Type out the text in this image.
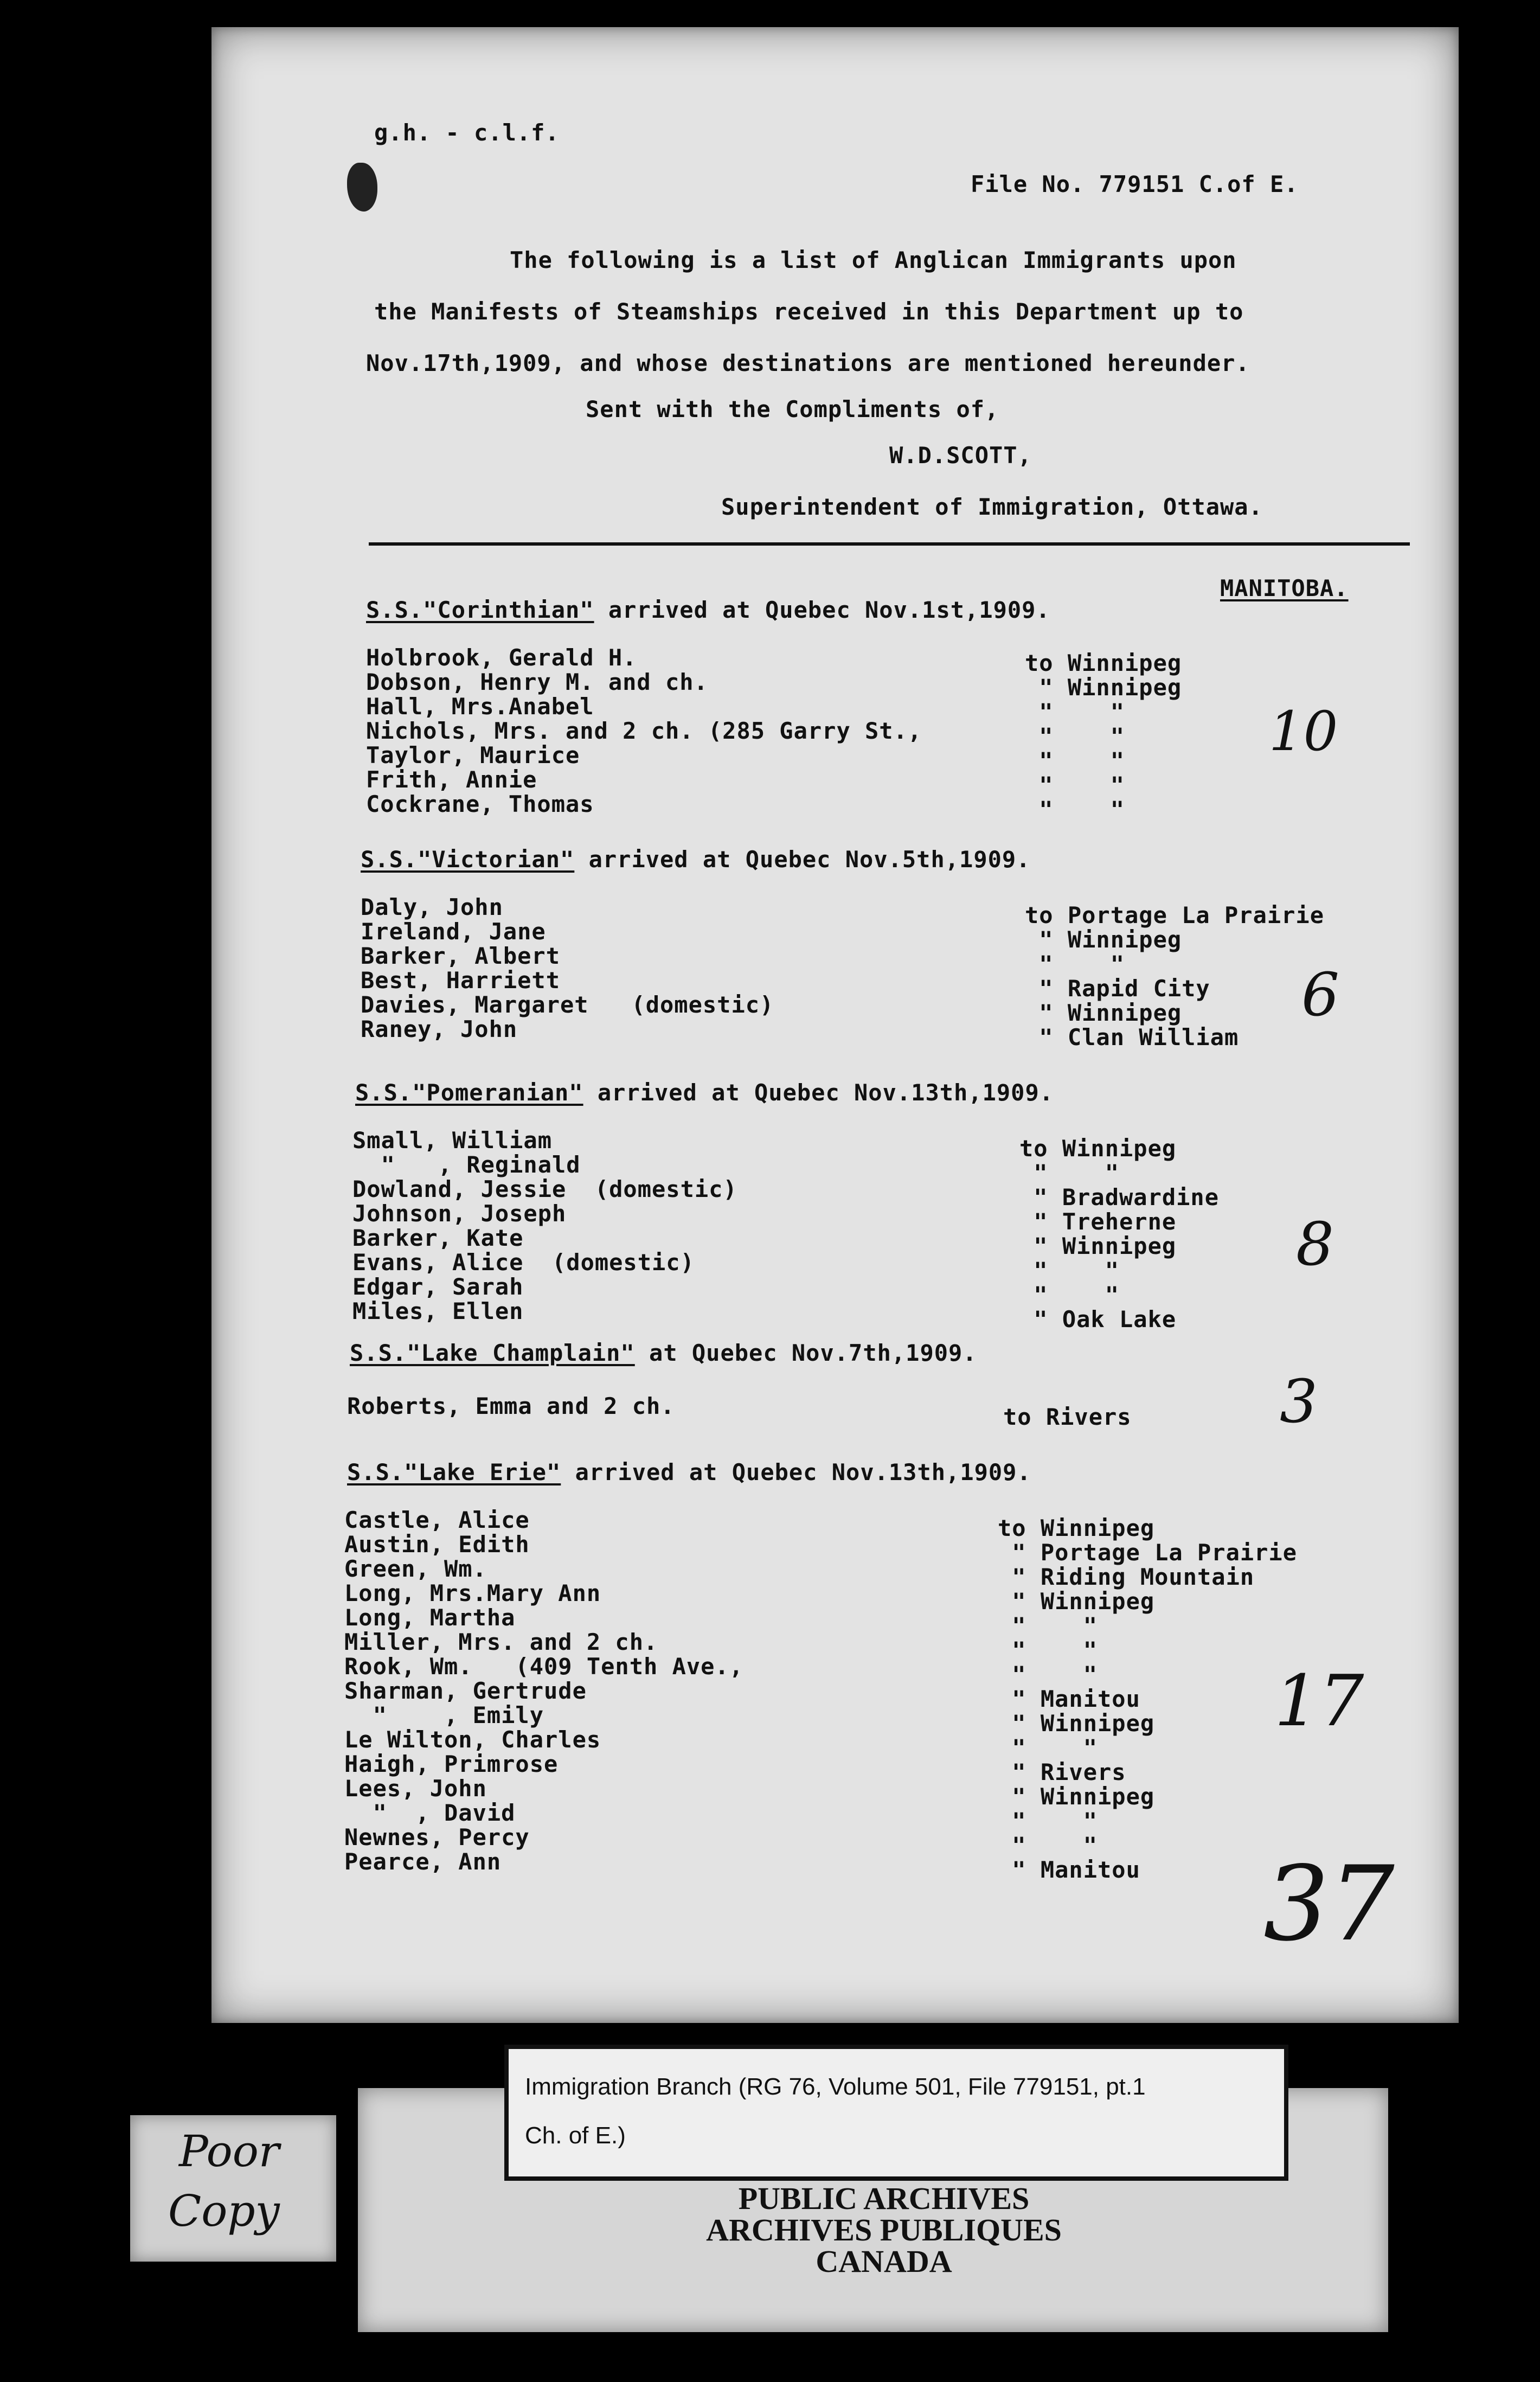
g.h. - c.l.f.
File No. 779151 C.of E.
The following is a list of Anglican Immigrants upon
the Manifests of Steamships received in this Department up to
Nov.17th,1909, and whose destinations are mentioned hereunder.
Sent with the Compliments of,
W.D.SCOTT,
Superintendent of Immigration, Ottawa.
MANITOBA.
S.S."Corinthian" arrived at Quebec Nov.1st,1909.
Holbrook, Gerald H.
Dobson, Henry M. and ch.
Hall, Mrs.Anabel
Nichols, Mrs. and 2 ch. (285 Garry St.,
Taylor, Maurice
Frith, Annie
Cockrane, Thomas
to Winnipeg
" Winnipeg
"    "
"    "
"    "
"    "
"    "
10
S.S."Victorian" arrived at Quebec Nov.5th,1909.
Daly, John
Ireland, Jane
Barker, Albert
Best, Harriett
Davies, Margaret   (domestic)
Raney, John
to Portage La Prairie
" Winnipeg
"    "
" Rapid City
" Winnipeg
" Clan William
6
S.S."Pomeranian" arrived at Quebec Nov.13th,1909.
Small, William
"   , Reginald
Dowland, Jessie  (domestic)
Johnson, Joseph
Barker, Kate
Evans, Alice  (domestic)
Edgar, Sarah
Miles, Ellen
to Winnipeg
"    "
" Bradwardine
" Treherne
" Winnipeg
"    "
"    "
" Oak Lake
8
S.S."Lake Champlain" at Quebec Nov.7th,1909.
Roberts, Emma and 2 ch.	to Rivers 3
S.S."Lake Erie" arrived at Quebec Nov.13th,1909.
Castle, Alice
Austin, Edith
Green, Wm.
Long, Mrs.Mary Ann
Long, Martha
Miller, Mrs. and 2 ch.
Rook, Wm.   (409 Tenth Ave.,
Sharman, Gertrude
"    , Emily
Le Wilton, Charles
Haigh, Primrose
Lees, John
"  , David
Newnes, Percy
Pearce, Ann
to Winnipeg
" Portage La Prairie
" Riding Mountain
" Winnipeg
"    "
"    "
"    "
" Manitou
" Winnipeg
"    "
" Rivers
" Winnipeg
"    "
"    "
" Manitou
17
37
Poor
Copy
Immigration Branch (RG 76, Volume 501, File 779151, pt.1
Ch. of E.)
PUBLIC ARCHIVES
ARCHIVES PUBLIQUES
CANADA
